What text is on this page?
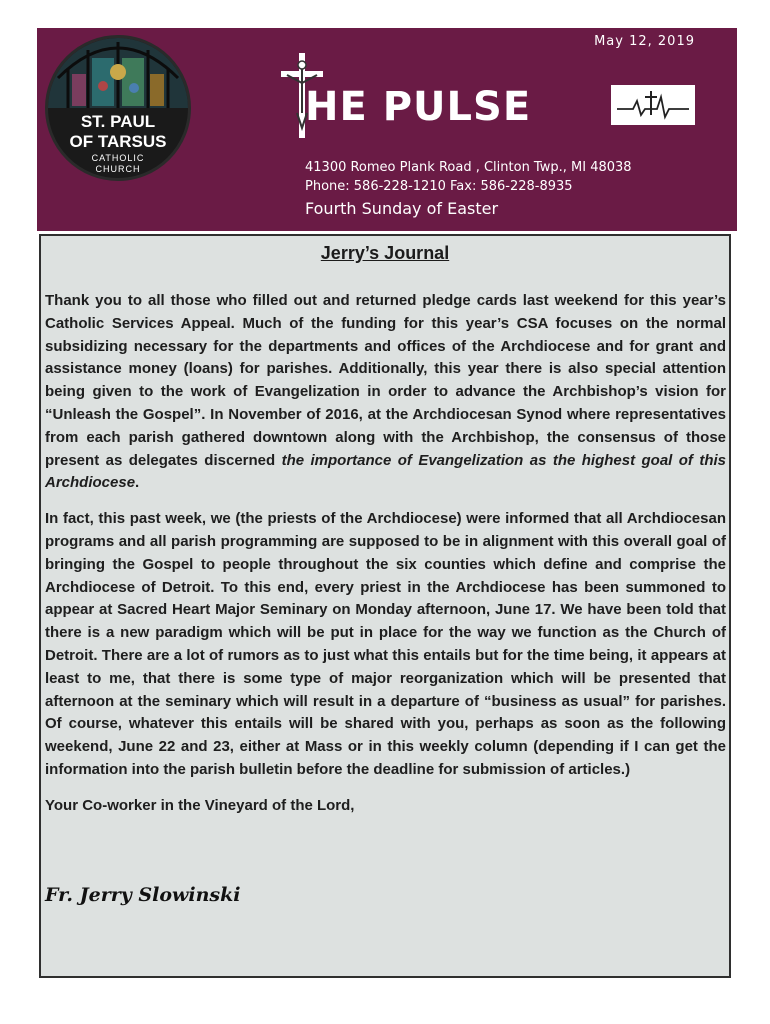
May 12, 2019
ST. PAUL
OF TARSUS
CATHOLIC
CHURCH
HE PULSE
41300 Romeo Plank Road , Clinton Twp., MI 48038
Phone: 586-228-1210 Fax: 586-228-8935
Fourth Sunday of Easter
Jerry’s Journal

Thank you to all those who filled out and returned pledge cards last weekend for this year’s Catholic Services Appeal. Much of the funding for this year’s CSA focuses on the normal subsidizing necessary for the departments and offices of the Archdiocese and for grant and assistance money (loans) for parishes. Additionally, this year there is also special attention being given to the work of Evangelization in order to advance the Archbishop’s vision for “Unleash the Gospel”. In November of 2016, at the Archdiocesan Synod where representatives from each parish gathered downtown along with the Archbishop, the consensus of those present as delegates discerned the importance of Evangelization as the highest goal of this Archdiocese.

In fact, this past week, we (the priests of the Archdiocese) were informed that all Archdiocesan programs and all parish programming are supposed to be in alignment with this overall goal of bringing the Gospel to people throughout the six counties which define and comprise the Archdiocese of Detroit. To this end, every priest in the Archdiocese has been summoned to appear at Sacred Heart Major Seminary on Monday afternoon, June 17. We have been told that there is a new paradigm which will be put in place for the way we function as the Church of Detroit. There are a lot of rumors as to just what this entails but for the time being, it appears at least to me, that there is some type of major reorganization which will be presented that afternoon at the seminary which will result in a departure of “business as usual” for parishes. Of course, whatever this entails will be shared with you, perhaps as soon as the following weekend, June 22 and 23, either at Mass or in this weekly column (depending if I can get the information into the parish bulletin before the deadline for submission of articles.)

Your Co-worker in the Vineyard of the Lord,

Fr. Jerry Slowinski
